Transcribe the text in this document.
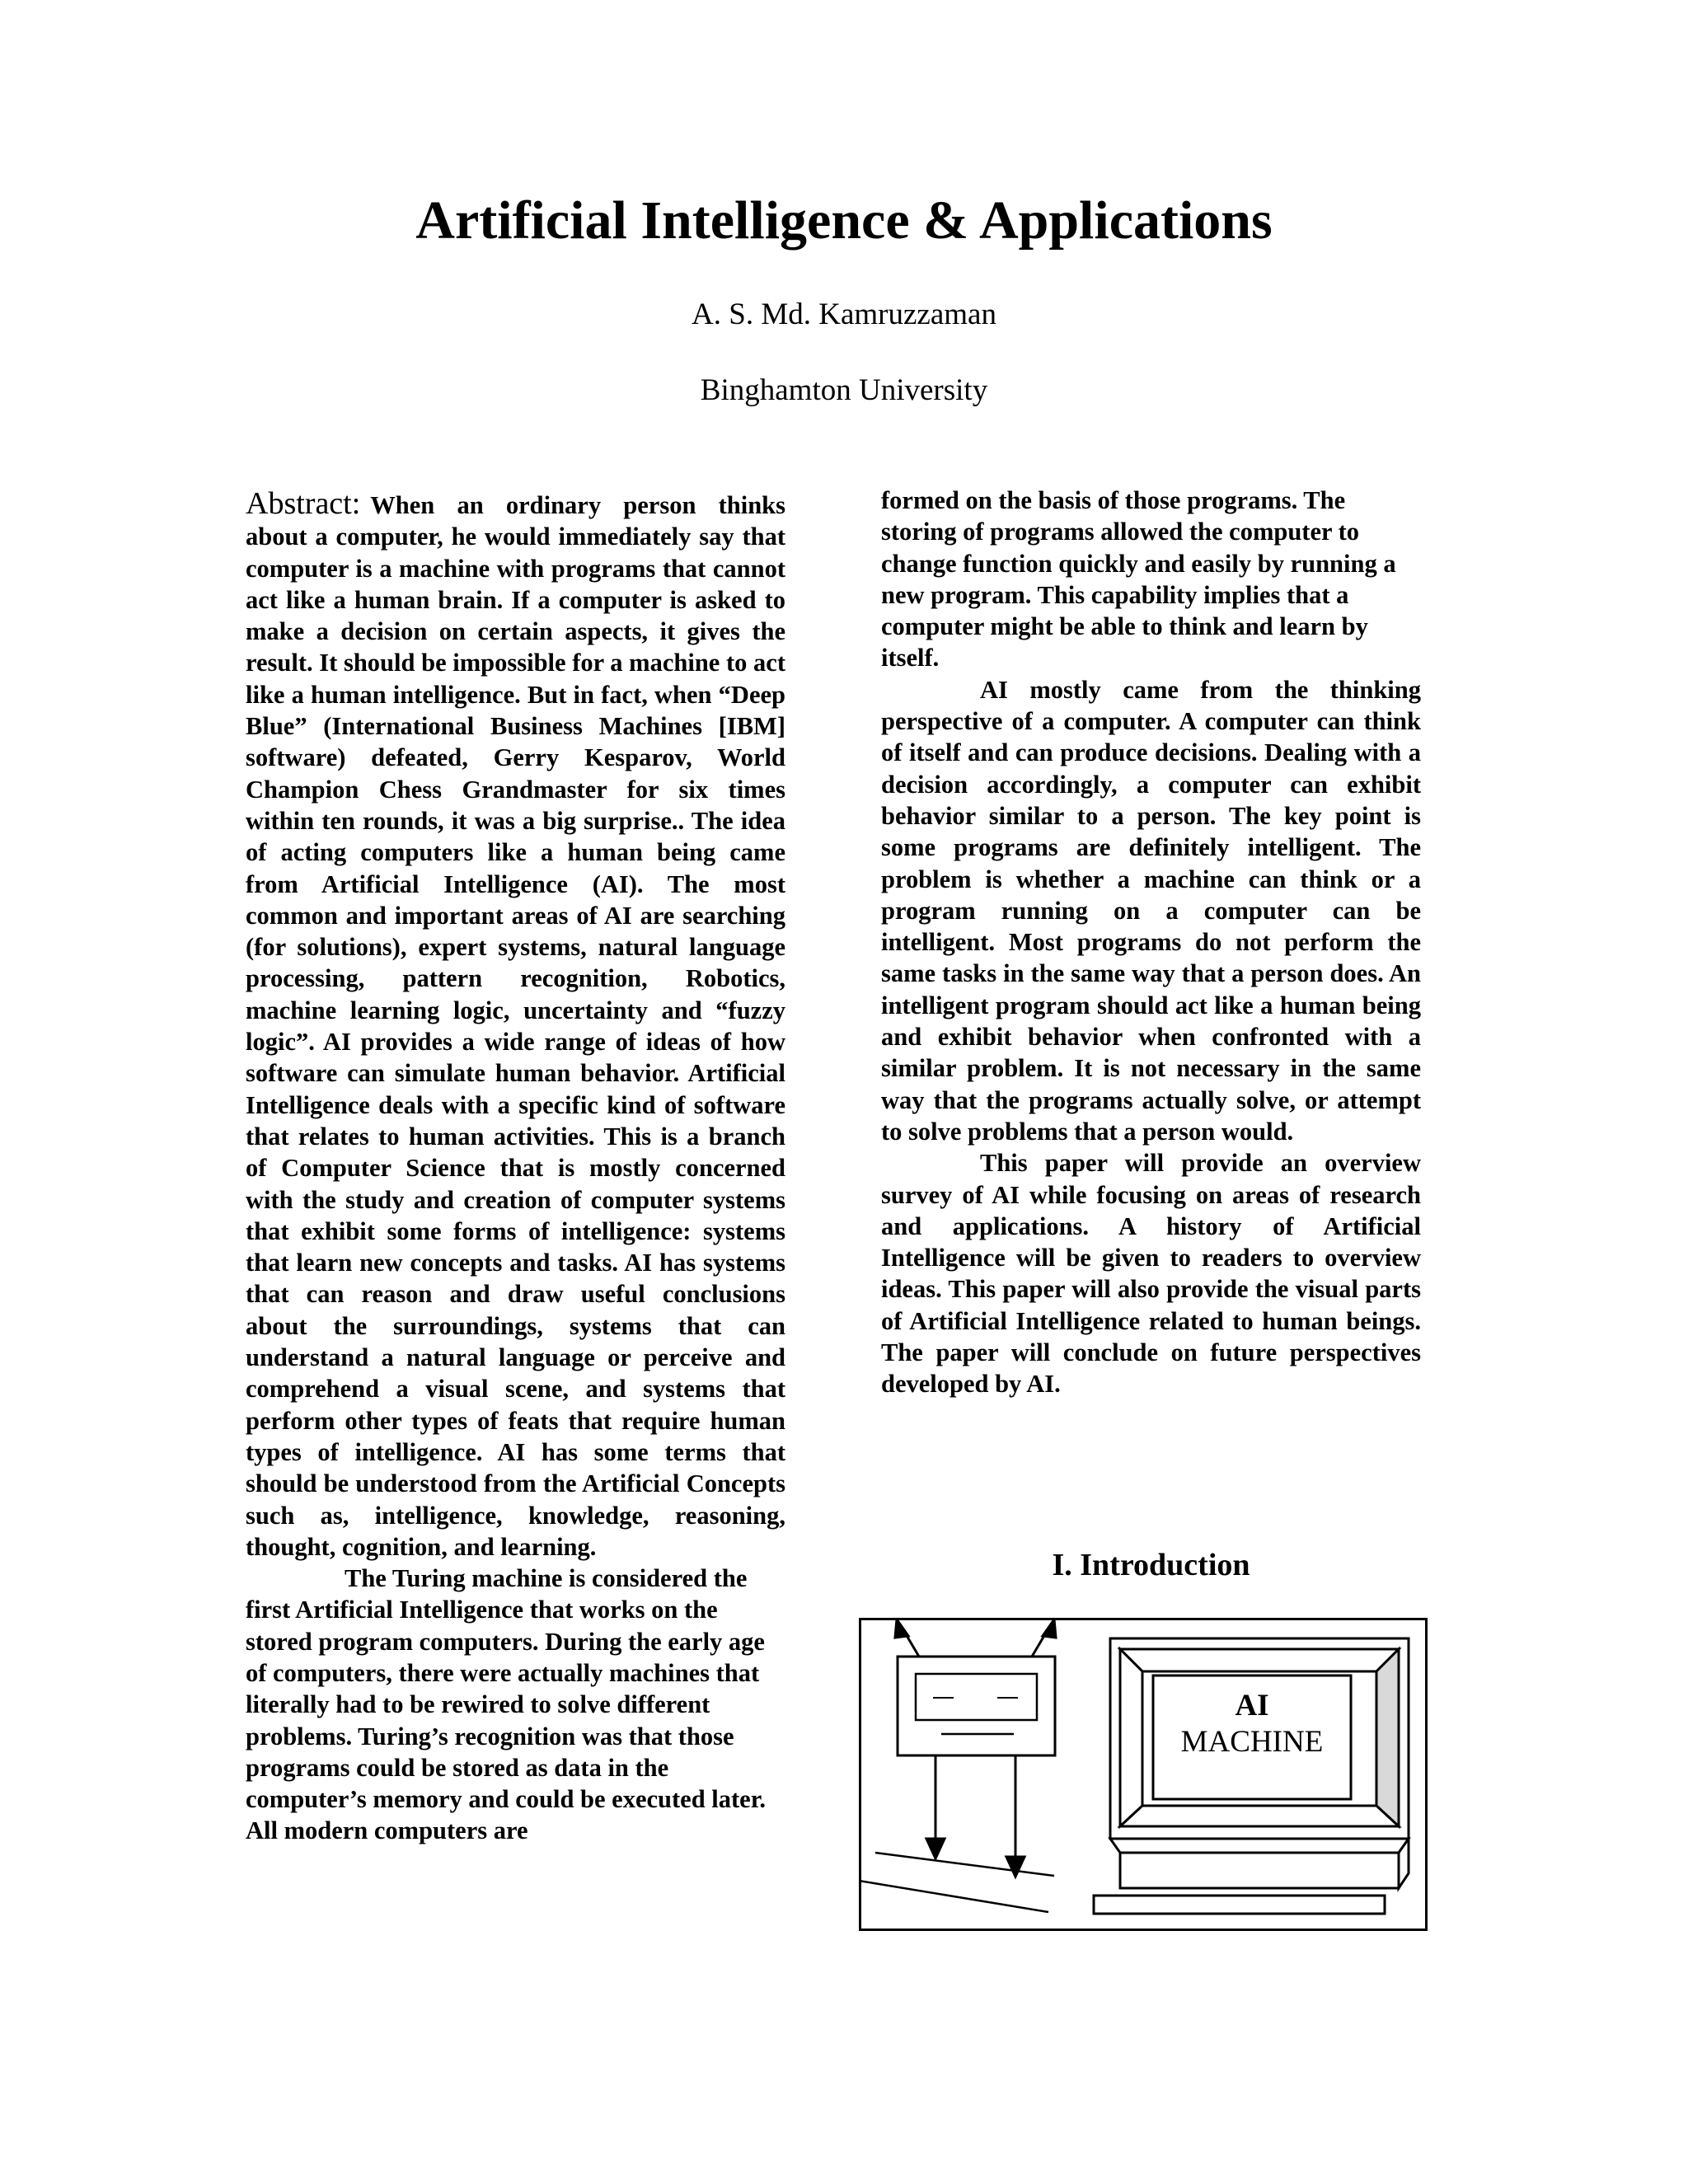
Artificial Intelligence & Applications
A. S. Md. Kamruzzaman
Binghamton University

Abstract: When an ordinary person thinks about a computer, he would immediately say that computer is a machine with programs that cannot act like a human brain. If a computer is asked to make a decision on certain aspects, it gives the result. It should be impossible for a machine to act like a human intelligence. But in fact, when “Deep Blue” (International Business Machines [IBM] software) defeated, Gerry Kesparov, World Champion Chess Grandmaster for six times within ten rounds, it was a big surprise.. The idea of acting computers like a human being came from Artificial Intelligence (AI). The most common and important areas of AI are searching (for solutions), expert systems, natural language processing, pattern recognition, Robotics, machine learning logic, uncertainty and “fuzzy logic”. AI provides a wide range of ideas of how software can simulate human behavior. Artificial Intelligence deals with a specific kind of software that relates to human activities. This is a branch of Computer Science that is mostly concerned with the study and creation of computer systems that exhibit some forms of intelligence: systems that learn new concepts and tasks. AI has systems that can reason and draw useful conclusions about the surroundings, systems that can understand a natural language or perceive and comprehend a visual scene, and systems that perform other types of feats that require human types of intelligence. AI has some terms that should be understood from the Artificial Concepts such as, intelligence, knowledge, reasoning, thought, cognition, and learning.

The Turing machine is considered the first Artificial Intelligence that works on the stored program computers. During the early age of computers, there were actually machines that literally had to be rewired to solve different problems. Turing’s recognition was that those programs could be stored as data in the computer’s memory and could be executed later. All modern computers are

formed on the basis of those programs. The storing of programs allowed the computer to change function quickly and easily by running a new program. This capability implies that a computer might be able to think and learn by itself.

AI mostly came from the thinking perspective of a computer. A computer can think of itself and can produce decisions. Dealing with a decision accordingly, a computer can exhibit behavior similar to a person. The key point is some programs are definitely intelligent. The problem is whether a machine can think or a program running on a computer can be intelligent. Most programs do not perform the same tasks in the same way that a person does. An intelligent program should act like a human being and exhibit behavior when confronted with a similar problem. It is not necessary in the same way that the programs actually solve, or attempt to solve problems that a person would.

This paper will provide an overview survey of AI while focusing on areas of research and applications. A history of Artificial Intelligence will be given to readers to overview ideas. This paper will also provide the visual parts of Artificial Intelligence related to human beings. The paper will conclude on future perspectives developed by AI.

I. Introduction
AI
MACHINE
